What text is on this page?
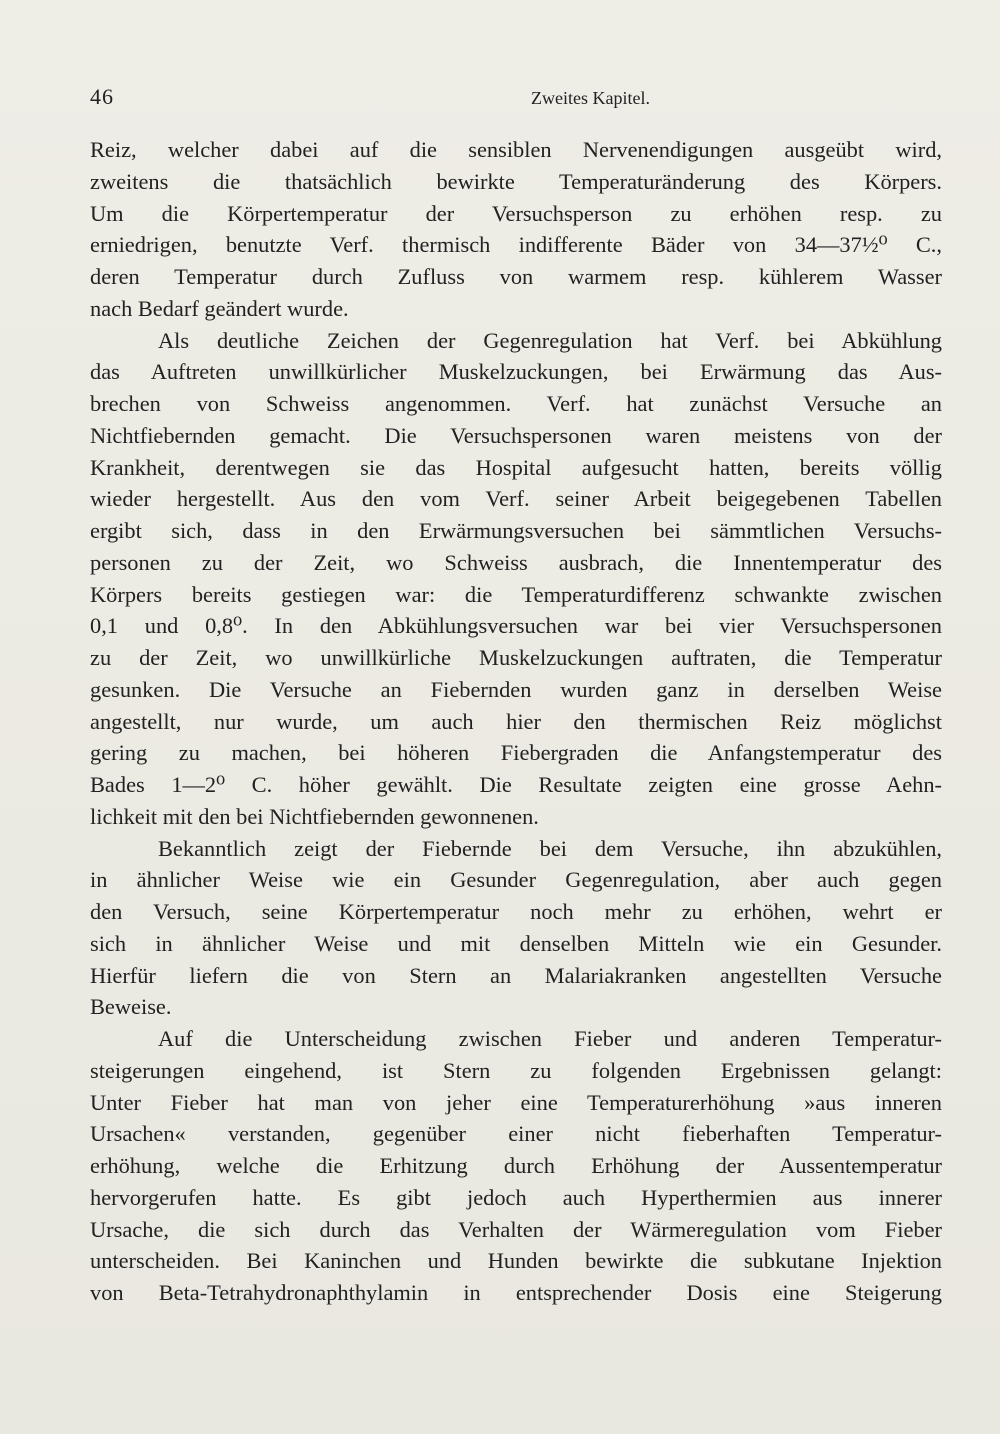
46	Zweites Kapitel.
Reiz, welcher dabei auf die sensiblen Nervenendigungen ausgeübt wird,
zweitens die thatsächlich bewirkte Temperaturänderung des Körpers.
Um die Körpertemperatur der Versuchsperson zu erhöhen resp. zu
erniedrigen, benutzte Verf. thermisch indifferente Bäder von 34—37½⁰ C.,
deren Temperatur durch Zufluss von warmem resp. kühlerem Wasser
nach Bedarf geändert wurde.
Als deutliche Zeichen der Gegenregulation hat Verf. bei Abkühlung
das Auftreten unwillkürlicher Muskelzuckungen, bei Erwärmung das Aus-
brechen von Schweiss angenommen. Verf. hat zunächst Versuche an
Nichtfiebernden gemacht. Die Versuchspersonen waren meistens von der
Krankheit, derentwegen sie das Hospital aufgesucht hatten, bereits völlig
wieder hergestellt. Aus den vom Verf. seiner Arbeit beigegebenen Tabellen
ergibt sich, dass in den Erwärmungsversuchen bei sämmtlichen Versuchs-
personen zu der Zeit, wo Schweiss ausbrach, die Innentemperatur des
Körpers bereits gestiegen war: die Temperaturdifferenz schwankte zwischen
0,1 und 0,8⁰. In den Abkühlungsversuchen war bei vier Versuchspersonen
zu der Zeit, wo unwillkürliche Muskelzuckungen auftraten, die Temperatur
gesunken. Die Versuche an Fiebernden wurden ganz in derselben Weise
angestellt, nur wurde, um auch hier den thermischen Reiz möglichst
gering zu machen, bei höheren Fiebergraden die Anfangstemperatur des
Bades 1—2⁰ C. höher gewählt. Die Resultate zeigten eine grosse Aehn-
lichkeit mit den bei Nichtfiebernden gewonnenen.
Bekanntlich zeigt der Fiebernde bei dem Versuche, ihn abzukühlen,
in ähnlicher Weise wie ein Gesunder Gegenregulation, aber auch gegen
den Versuch, seine Körpertemperatur noch mehr zu erhöhen, wehrt er
sich in ähnlicher Weise und mit denselben Mitteln wie ein Gesunder.
Hierfür liefern die von Stern an Malariakranken angestellten Versuche
Beweise.
Auf die Unterscheidung zwischen Fieber und anderen Temperatur-
steigerungen eingehend, ist Stern zu folgenden Ergebnissen gelangt:
Unter Fieber hat man von jeher eine Temperaturerhöhung »aus inneren
Ursachen« verstanden, gegenüber einer nicht fieberhaften Temperatur-
erhöhung, welche die Erhitzung durch Erhöhung der Aussentemperatur
hervorgerufen hatte. Es gibt jedoch auch Hyperthermien aus innerer
Ursache, die sich durch das Verhalten der Wärmeregulation vom Fieber
unterscheiden. Bei Kaninchen und Hunden bewirkte die subkutane Injektion
von Beta-Tetrahydronaphthylamin in entsprechender Dosis eine Steigerung
